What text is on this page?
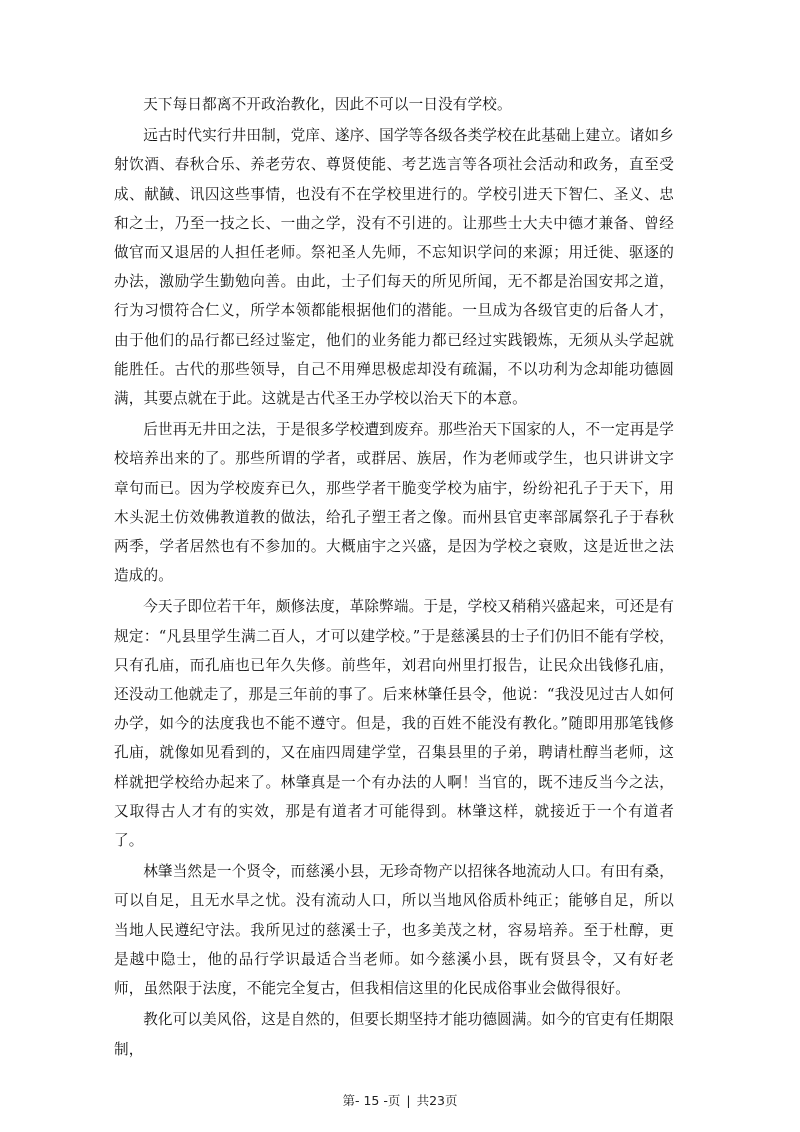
天下每日都离不开政治教化，因此不可以一日没有学校。

远古时代实行井田制，党庠、遂序、国学等各级各类学校在此基础上建立。诸如乡射饮酒、春秋合乐、养老劳农、尊贤使能、考艺选言等各项社会活动和政务，直至受成、献馘、讯囚这些事情，也没有不在学校里进行的。学校引进天下智仁、圣义、忠和之士，乃至一技之长、一曲之学，没有不引进的。让那些士大夫中德才兼备、曾经做官而又退居的人担任老师。祭祀圣人先师，不忘知识学问的来源；用迁徙、驱逐的办法，激励学生勤勉向善。由此，士子们每天的所见所闻，无不都是治国安邦之道，行为习惯符合仁义，所学本领都能根据他们的潜能。一旦成为各级官吏的后备人才，由于他们的品行都已经过鉴定，他们的业务能力都已经过实践锻炼，无须从头学起就能胜任。古代的那些领导，自己不用殚思极虑却没有疏漏，不以功利为念却能功德圆满，其要点就在于此。这就是古代圣王办学校以治天下的本意。

后世再无井田之法，于是很多学校遭到废弃。那些治天下国家的人，不一定再是学校培养出来的了。那些所谓的学者，或群居、族居，作为老师或学生，也只讲讲文字章句而已。因为学校废弃已久，那些学者干脆变学校为庙宇，纷纷祀孔子于天下，用木头泥土仿效佛教道教的做法，给孔子塑王者之像。而州县官吏率部属祭孔子于春秋两季，学者居然也有不参加的。大概庙宇之兴盛，是因为学校之衰败，这是近世之法造成的。

今天子即位若干年，颇修法度，革除弊端。于是，学校又稍稍兴盛起来，可还是有规定：“凡县里学生满二百人，才可以建学校。”于是慈溪县的士子们仍旧不能有学校，只有孔庙，而孔庙也已年久失修。前些年，刘君向州里打报告，让民众出钱修孔庙，还没动工他就走了，那是三年前的事了。后来林肇任县令，他说：“我没见过古人如何办学，如今的法度我也不能不遵守。但是，我的百姓不能没有教化。”随即用那笔钱修孔庙，就像如见看到的，又在庙四周建学堂，召集县里的子弟，聘请杜醇当老师，这样就把学校给办起来了。林肇真是一个有办法的人啊！当官的，既不违反当今之法，又取得古人才有的实效，那是有道者才可能得到。林肇这样，就接近于一个有道者了。

林肇当然是一个贤令，而慈溪小县，无珍奇物产以招徕各地流动人口。有田有桑，可以自足，且无水旱之忧。没有流动人口，所以当地风俗质朴纯正；能够自足，所以当地人民遵纪守法。我所见过的慈溪士子，也多美茂之材，容易培养。至于杜醇，更是越中隐士，他的品行学识最适合当老师。如今慈溪小县，既有贤县令，又有好老师，虽然限于法度，不能完全复古，但我相信这里的化民成俗事业会做得很好。

教化可以美风俗，这是自然的，但要长期坚持才能功德圆满。如今的官吏有任期限制，

第- 15 -页 | 共23页
